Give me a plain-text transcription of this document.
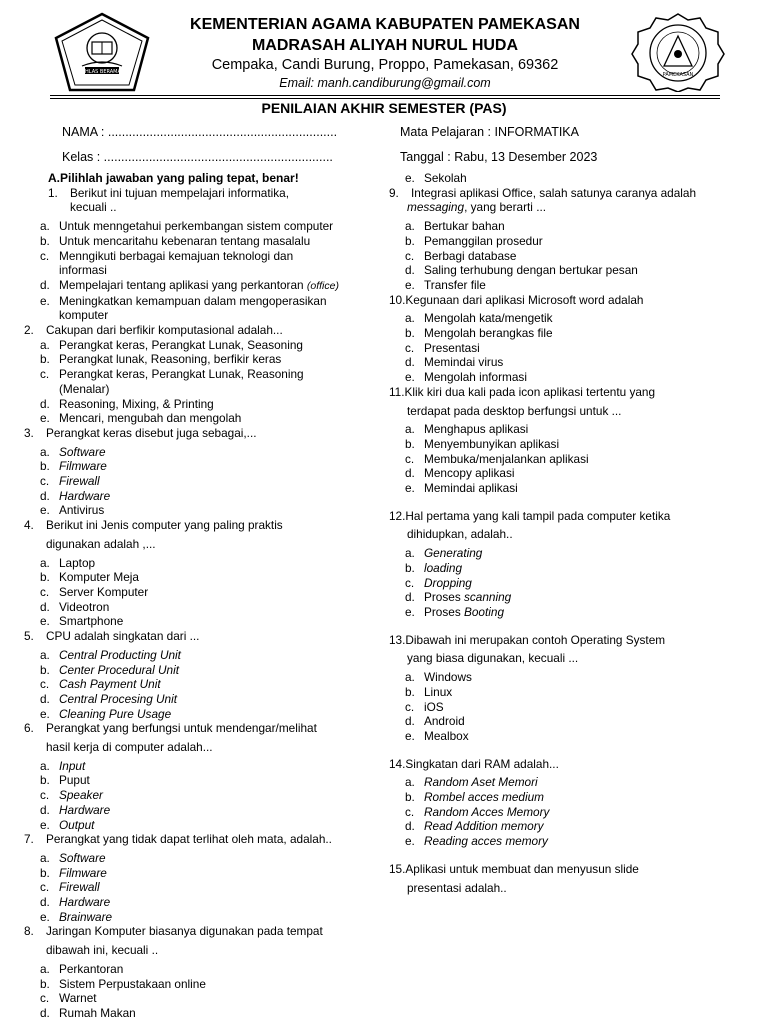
IKHLAS BERAMAL
KEMENTERIAN AGAMA KABUPATEN PAMEKASAN
MADRASAH ALIYAH NURUL HUDA
Cempaka, Candi Burung, Proppo, Pamekasan, 69362
Email: manh.candiburung@gmail.com
PAMEKASAN
PENILAIAN AKHIR SEMESTER (PAS)
NAMA : ..................................................................
Kelas : ..................................................................
Mata Pelajaran : INFORMATIKA
Tanggal : Rabu, 13 Desember 2023
A.Pilihlah jawaban yang paling tepat, benar!
1. Berikut ini tujuan mempelajari informatika,
kecuali ..
a. Untuk menngetahui perkembangan sistem computer
b. Untuk mencaritahu kebenaran tentang masalalu
c. Menngikuti berbagai kemajuan teknologi dan
informasi
d. Mempelajari tentang aplikasi yang perkantoran (office)
e. Meningkatkan kemampuan dalam mengoperasikan
komputer
2. Cakupan dari berfikir komputasional adalah...
a. Perangkat keras, Perangkat Lunak, Seasoning
b. Perangkat lunak, Reasoning, berfikir keras
c. Perangkat keras, Perangkat Lunak, Reasoning
(Menalar)
d. Reasoning, Mixing, & Printing
e. Mencari, mengubah dan mengolah
3. Perangkat keras disebut juga sebagai,...
a. Software
b. Filmware
c. Firewall
d. Hardware
e. Antivirus
4. Berikut ini Jenis computer yang paling praktis
digunakan adalah ,...
a. Laptop
b. Komputer Meja
c. Server Komputer
d. Videotron
e. Smartphone
5. CPU adalah singkatan dari ...
a. Central Producting Unit
b. Center Procedural Unit
c. Cash Payment Unit
d. Central Procesing Unit
e. Cleaning Pure Usage
6. Perangkat yang berfungsi untuk mendengar/melihat
hasil kerja di computer adalah...
a. Input
b. Puput
c. Speaker
d. Hardware
e. Output
7. Perangkat yang tidak dapat terlihat oleh mata, adalah..
a. Software
b. Filmware
c. Firewall
d. Hardware
e. Brainware
8. Jaringan Komputer biasanya digunakan pada tempat
dibawah ini, kecuali ..
a. Perkantoran
b. Sistem Perpustakaan online
c. Warnet
d. Rumah Makan
e. Sekolah
9. Integrasi aplikasi Office, salah satunya caranya adalah
messaging, yang berarti ...
a. Bertukar bahan
b. Pemanggilan prosedur
c. Berbagi database
d. Saling terhubung dengan bertukar pesan
e. Transfer file
10.Kegunaan dari aplikasi Microsoft word adalah
a. Mengolah kata/mengetik
b. Mengolah berangkas file
c. Presentasi
d. Memindai virus
e. Mengolah informasi
11.Klik kiri dua kali pada icon aplikasi tertentu yang
terdapat pada desktop berfungsi untuk ...
a. Menghapus aplikasi
b. Menyembunyikan aplikasi
c. Membuka/menjalankan aplikasi
d. Mencopy aplikasi
e. Memindai aplikasi
12.Hal pertama yang kali tampil pada computer ketika
dihidupkan, adalah..
a. Generating
b. loading
c. Dropping
d. Proses scanning
e. Proses Booting
13.Dibawah ini merupakan contoh Operating System
yang biasa digunakan, kecuali ...
a. Windows
b. Linux
c. iOS
d. Android
e. Mealbox
14.Singkatan dari RAM adalah...
a. Random Aset Memori
b. Rombel acces medium
c. Random Acces Memory
d. Read Addition memory
e. Reading acces memory
15.Aplikasi untuk membuat dan menyusun slide
presentasi adalah..
